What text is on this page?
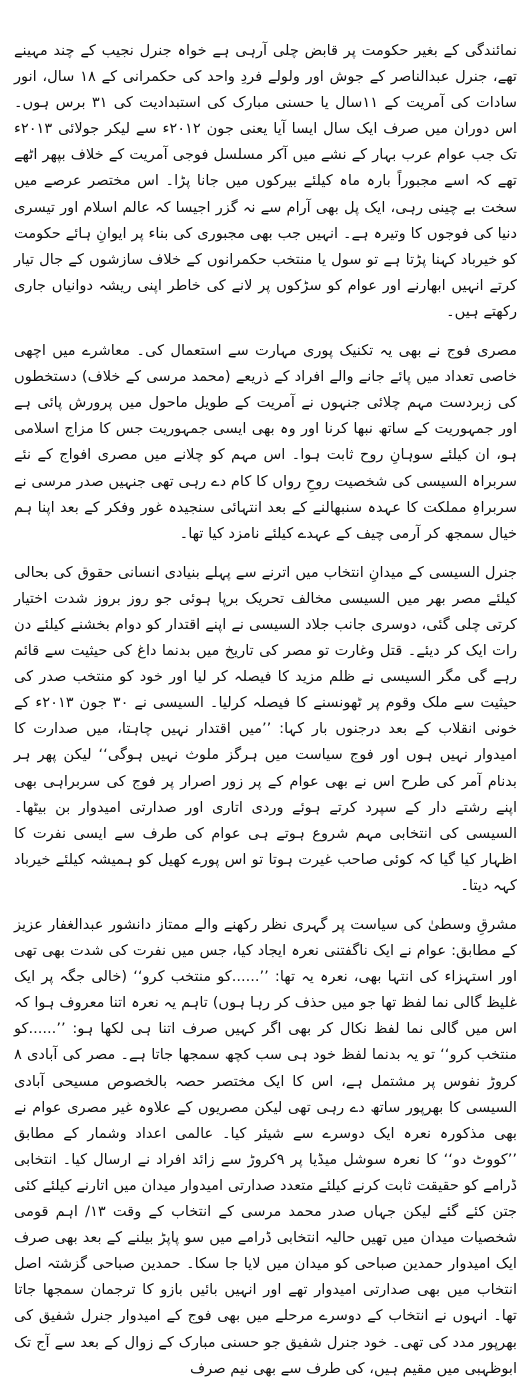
نمائندگی کے بغیر حکومت پر قابض چلی آرہی ہے خواہ جنرل نجیب کے چند مہینے تھے، جنرل عبدالناصر کے جوش اور ولولے فردِ واحد کی حکمرانی کے ۱۸ سال، انور سادات کی آمریت کے ۱۱سال یا حسنی مبارک کی استبدادیت کی ۳۱ برس ہوں۔ اس دوران میں صرف ایک سال ایسا آیا یعنی جون ۲۰۱۲ء سے لیکر جولائی ۲۰۱۳ء تک جب عوام عرب بہار کے نشے میں آکر مسلسل فوجی آمریت کے خلاف بپھر اٹھے تھے کہ اسے مجبوراً بارہ ماہ کیلئے بیرکوں میں جانا پڑا۔ اس مختصر عرصے میں سخت بے چینی رہی، ایک پل بھی آرام سے نہ گزر اجیسا کہ عالم اسلام اور تیسری دنیا کی فوجوں کا وتیرہ ہے۔ انہیں جب بھی مجبوری کی بناء پر ایوانِ ہائے حکومت کو خیرباد کہنا پڑتا ہے تو سول یا منتخب حکمرانوں کے خلاف سازشوں کے جال تیار کرتے انہیں ابھارنے اور عوام کو سڑکوں پر لانے کی خاطر اپنی ریشہ دوانیاں جاری رکھتے ہیں۔

مصری فوج نے بھی یہ تکنیک پوری مہارت سے استعمال کی۔ معاشرے میں اچھی خاصی تعداد میں پائے جانے والے افراد کے ذریعے (محمد مرسی کے خلاف) دستخطوں کی زبردست مہم چلائی جنہوں نے آمریت کے طویل ماحول میں پرورش پائی ہے اور جمہوریت کے ساتھ نبھا کرنا اور وہ بھی ایسی جمہوریت جس کا مزاج اسلامی ہو، ان کیلئے سوہانِ روح ثابت ہوا۔ اس مہم کو چلانے میں مصری افواج کے نئے سربراہ السیسی کی شخصیت روحِ رواں کا کام دے رہی تھی جنہیں صدر مرسی نے سربراہِ مملکت کا عہدہ سنبھالنے کے بعد انتہائی سنجیدہ غور وفکر کے بعد اپنا ہم خیال سمجھ کر آرمی چیف کے عہدے کیلئے نامزد کیا تھا۔

جنرل السیسی کے میدانِ انتخاب میں اترنے سے پہلے بنیادی انسانی حقوق کی بحالی کیلئے مصر بھر میں السیسی مخالف تحریک برپا ہوئی جو روز بروز شدت اختیار کرتی چلی گئی، دوسری جانب جلاد السیسی نے اپنے اقتدار کو دوام بخشنے کیلئے دن رات ایک کر دیئے۔ قتل وغارت تو مصر کی تاریخ میں بدنما داغ کی حیثیت سے قائم رہے گی مگر السیسی نے ظلم مزید کا فیصلہ کر لیا اور خود کو منتخب صدر کی حیثیت سے ملک وقوم پر ٹھونسنے کا فیصلہ کرلیا۔ السیسی نے ۳۰ جون ۲۰۱۳ء کے خونی انقلاب کے بعد درجنوں بار کہا: ’’میں اقتدار نہیں چاہتا، میں صدارت کا امیدوار نہیں ہوں اور فوج سیاست میں ہرگز ملوث نہیں ہوگی‘‘ لیکن پھر ہر بدنام آمر کی طرح اس نے بھی عوام کے پر زور اصرار پر فوج کی سربراہی بھی اپنے رشتے دار کے سپرد کرتے ہوئے وردی اتاری اور صدارتی امیدوار بن بیٹھا۔ السیسی کی انتخابی مہم شروع ہوتے ہی عوام کی طرف سے ایسی نفرت کا اظہار کیا گیا کہ کوئی صاحب غیرت ہوتا تو اس پورے کھیل کو ہمیشہ کیلئے خیرباد کہہ دیتا۔

مشرقِ وسطیٰ کی سیاست پر گہری نظر رکھنے والے ممتاز دانشور عبدالغفار عزیز کے مطابق: عوام نے ایک ناگفتنی نعرہ ایجاد کیا، جس میں نفرت کی شدت بھی تھی اور استہزاء کی انتہا بھی، نعرہ یہ تھا: ’’......کو منتخب کرو‘‘ (خالی جگہ پر ایک غلیظ گالی نما لفظ تھا جو میں حذف کر رہا ہوں) تاہم یہ نعرہ اتنا معروف ہوا کہ اس میں گالی نما لفظ نکال کر بھی اگر کہیں صرف اتنا ہی لکھا ہو: ’’......کو منتخب کرو‘‘ تو یہ بدنما لفظ خود ہی سب کچھ سمجھا جاتا ہے۔ مصر کی آبادی ۸ کروڑ نفوس پر مشتمل ہے، اس کا ایک مختصر حصہ بالخصوص مسیحی آبادی السیسی کا بھرپور ساتھ دے رہی تھی لیکن مصریوں کے علاوہ غیر مصری عوام نے بھی مذکورہ نعرہ ایک دوسرے سے شیئر کیا۔ عالمی اعداد وشمار کے مطابق ’’کووٹ دو‘‘ کا نعرہ سوشل میڈیا پر ۹کروڑ سے زائد افراد نے ارسال کیا۔ انتخابی ڈرامے کو حقیقت ثابت کرنے کیلئے متعدد صدارتی امیدوار میدان میں اتارنے کیلئے کئی جتن کئے گئے لیکن جہاں صدر محمد مرسی کے انتخاب کے وقت ۱۳/ اہم قومی شخصیات میدان میں تھیں حالیہ انتخابی ڈرامے میں سو پاپڑ بیلنے کے بعد بھی صرف ایک امیدوار حمدین صباحی کو میدان میں لایا جا سکا۔ حمدین صباحی گزشتہ اصل انتخاب میں بھی صدارتی امیدوار تھے اور انہیں بائیں بازو کا ترجمان سمجھا جاتا تھا۔ انہوں نے انتخاب کے دوسرے مرحلے میں بھی فوج کے امیدوار جنرل شفیق کی بھرپور مدد کی تھی۔ خود جنرل شفیق جو حسنی مبارک کے زوال کے بعد سے آج تک ابوظہبی میں مقیم ہیں، کی طرف سے بھی نیم صرف
